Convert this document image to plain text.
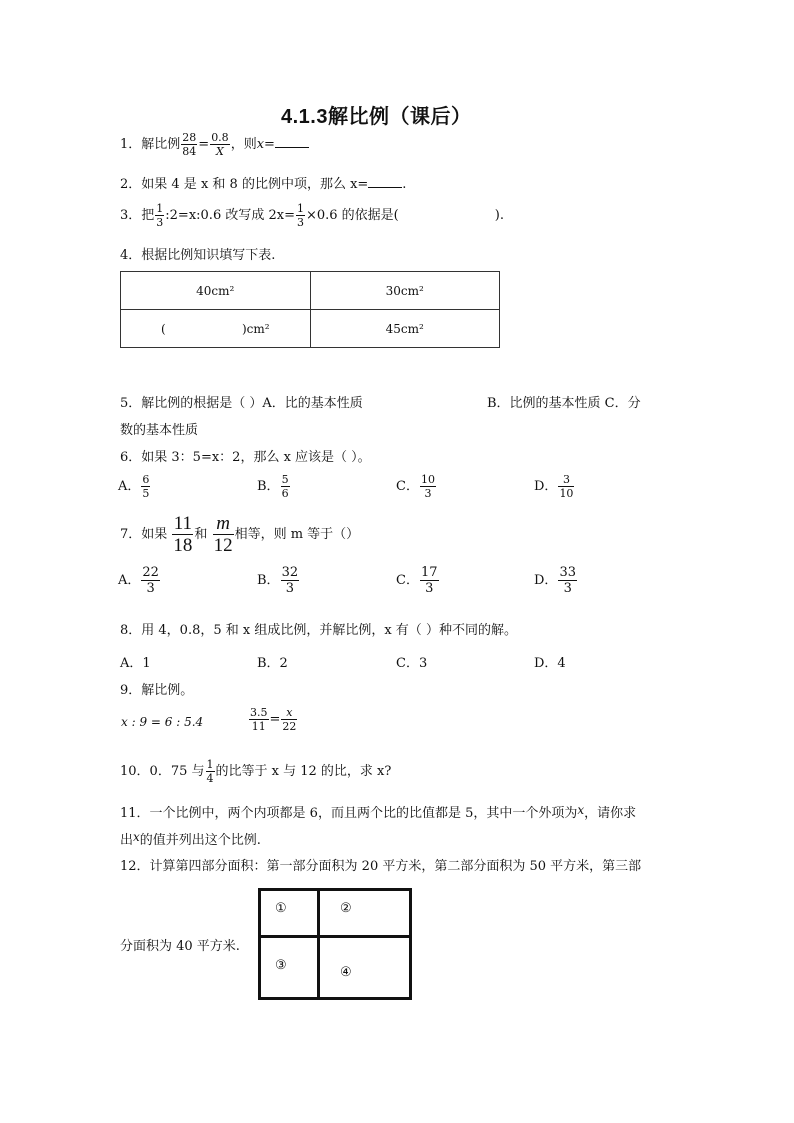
4.1.3解比例（课后）
1．解比例 $\frac{28}{84} = \frac{0.8}{X}$ ，则x=
2．如果 4 是 x 和 8 的比例中项，那么 x=	.
3．把 $\frac{1}{3}$ :2=x:0.6 改写成 $2x= \frac{1}{3} \times 0.6$ 的依据是(	).
4．根据比例知识填写下表.
40cm²	30cm²
(                    )cm²	45cm²
5．解比例的根据是（ ）A．比的基本性质	B．比例的基本性质 C．分
数的基本性质
6．如果 3：5=x：2，那么 x 应该是（ ）。
A． $\frac{6}{5}$	B． $\frac{5}{6}$	C． $\frac{10}{3}$	D． $\frac{3}{10}$
7．如果 $\frac{11}{18}$ 和 $\frac{m}{12}$ 相等，则 m 等于（）
A． $\frac{22}{3}$	B． $\frac{32}{3}$	C． $\frac{17}{3}$	D． $\frac{33}{3}$
8．用 4，0.8，5 和 x 组成比例，并解比例，x 有（ ）种不同的解。
A．1	B．2	C．3	D．4
9．解比例。
x : 9 = 6 : 5.4	$\frac{3.5}{11} = \frac{x}{22}$
10．0．75 与 $\frac{1}{4}$ 的比等于 x 与 12 的比，求 x?
11．一个比例中，两个内项都是 6，而且两个比的比值都是 5，其中一个外项为x，请你求
出x的值并列出这个比例.
12．计算第四部分面积：第一部分面积为 20 平方米，第二部分面积为 50 平方米，第三部
分面积为 40 平方米.
①	②
③	④
